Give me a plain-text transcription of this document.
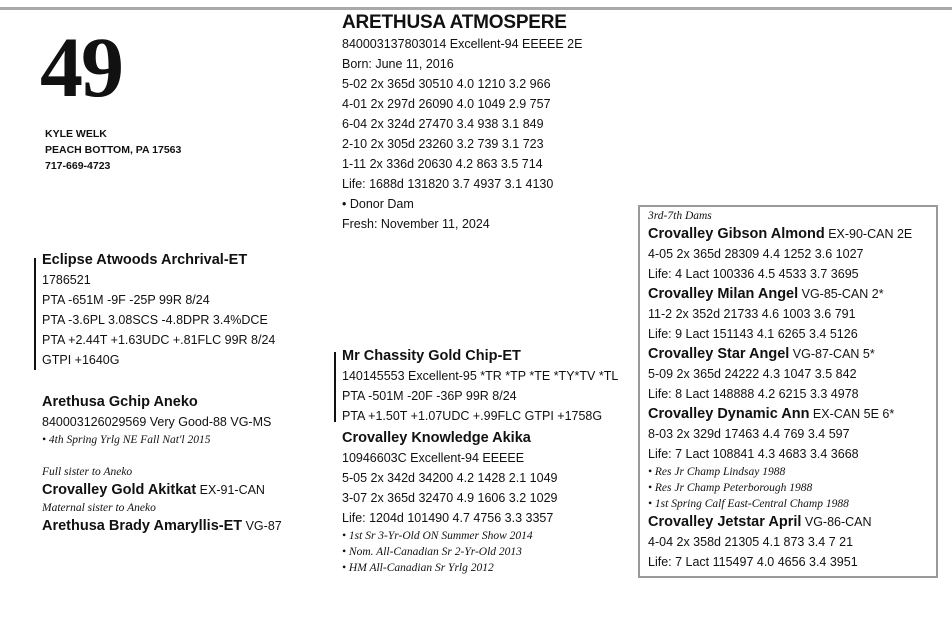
49
KYLE WELK
PEACH BOTTOM, PA 17563
717-669-4723
ARETHUSA ATMOSPERE
840003137803014 Excellent-94 EEEEE 2E
Born: June 11, 2016
5-02 2x 365d 30510 4.0 1210 3.2 966
4-01 2x 297d 26090 4.0 1049 2.9 757
6-04 2x 324d 27470 3.4 938 3.1 849
2-10 2x 305d 23260 3.2 739 3.1 723
1-11 2x 336d 20630 4.2 863 3.5 714
Life: 1688d 131820 3.7 4937 3.1 4130
• Donor Dam
Fresh: November 11, 2024
Eclipse Atwoods Archrival-ET
1786521
PTA -651M -9F -25P 99R 8/24
PTA -3.6PL 3.08SCS -4.8DPR 3.4%DCE
PTA +2.44T +1.63UDC +.81FLC 99R 8/24
GTPI +1640G
Arethusa Gchip Aneko
840003126029569 Very Good-88 VG-MS
• 4th Spring Yrlg NE Fall Nat'l 2015
Full sister to Aneko
Crovalley Gold Akitkat EX-91-CAN
Maternal sister to Aneko
Arethusa Brady Amaryllis-ET VG-87
Mr Chassity Gold Chip-ET
140145553 Excellent-95 *TR *TP *TE *TY*TV *TL
PTA -501M -20F -36P 99R 8/24
PTA +1.50T +1.07UDC +.99FLC GTPI +1758G
Crovalley Knowledge Akika
10946603C Excellent-94 EEEEE
5-05 2x 342d 34200 4.2 1428 2.1 1049
3-07 2x 365d 32470 4.9 1606 3.2 1029
Life: 1204d 101490 4.7 4756 3.3 3357
• 1st Sr 3-Yr-Old ON Summer Show 2014
• Nom. All-Canadian Sr 2-Yr-Old 2013
• HM All-Canadian Sr Yrlg 2012
3rd-7th Dams
Crovalley Gibson Almond EX-90-CAN 2E
4-05 2x 365d 28309 4.4 1252 3.6 1027
Life: 4 Lact 100336 4.5 4533 3.7 3695
Crovalley Milan Angel VG-85-CAN 2*
11-2 2x 352d 21733 4.6 1003 3.6 791
Life: 9 Lact 151143 4.1 6265 3.4 5126
Crovalley Star Angel VG-87-CAN 5*
5-09 2x 365d 24222 4.3 1047 3.5 842
Life: 8 Lact 148888 4.2 6215 3.3 4978
Crovalley Dynamic Ann EX-CAN 5E 6*
8-03 2x 329d 17463 4.4 769 3.4 597
Life: 7 Lact 108841 4.3 4683 3.4 3668
• Res Jr Champ Lindsay 1988
• Res Jr Champ Peterborough 1988
• 1st Spring Calf East-Central Champ 1988
Crovalley Jetstar April VG-86-CAN
4-04 2x 358d 21305 4.1 873 3.4 7 21
Life: 7 Lact 115497 4.0 4656 3.4 3951
